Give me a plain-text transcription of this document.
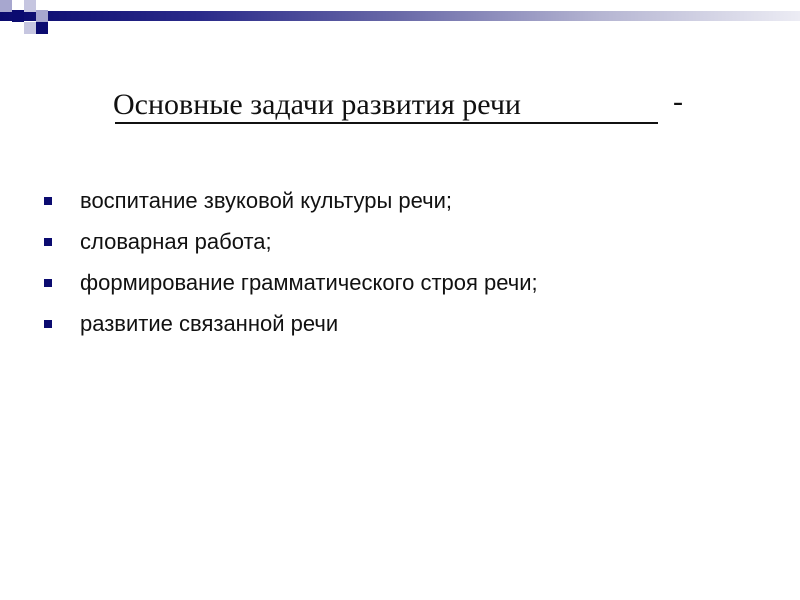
Основные задачи развития речи	-
воспитание звуковой культуры речи;
словарная работа;
формирование грамматического строя речи;
развитие связанной речи
